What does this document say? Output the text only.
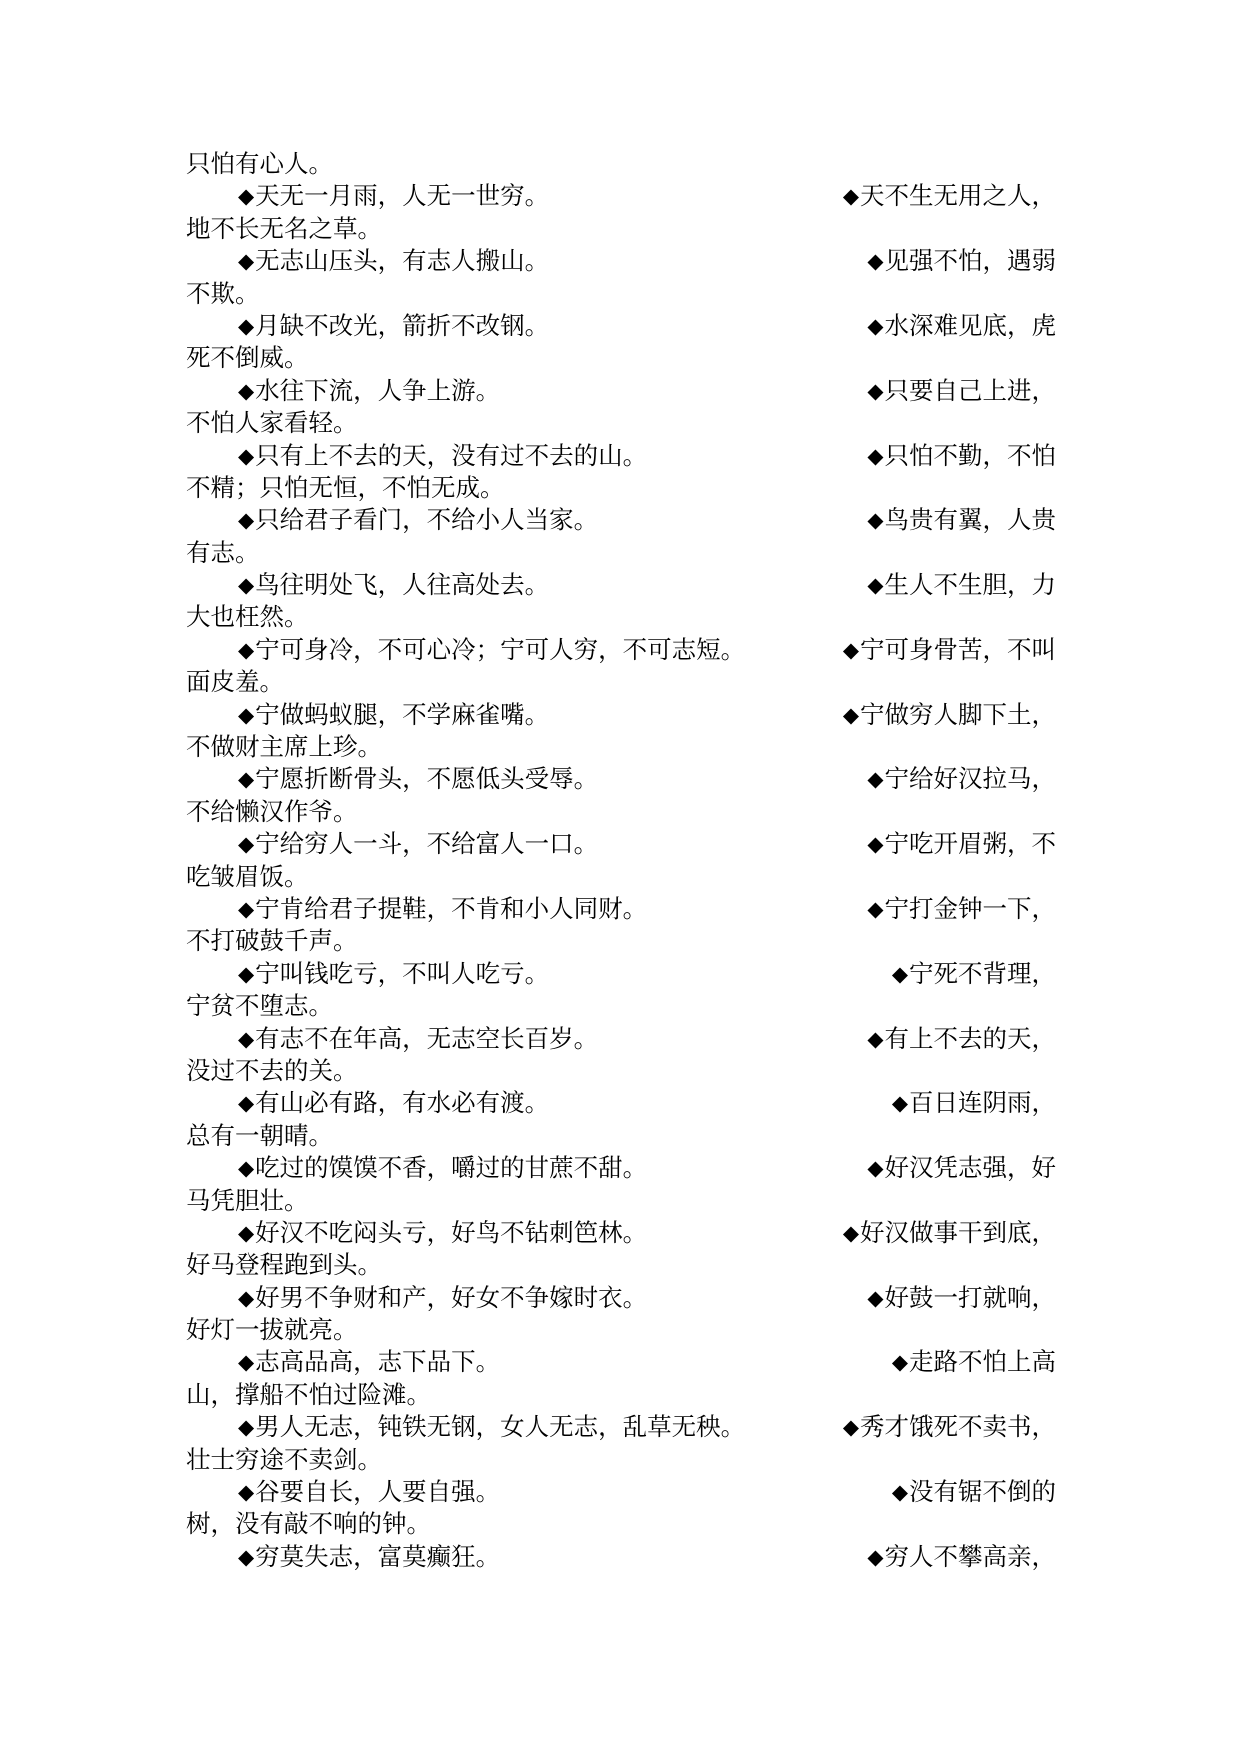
只怕有心人。
◆ 天无一月雨，人无一世穷。	◆ 天不生无用之人，
地不长无名之草。
◆ 无志山压头，有志人搬山。	◆ 见强不怕，遇弱
不欺。
◆ 月缺不改光，箭折不改钢。	◆ 水深难见底，虎
死不倒威。
◆ 水往下流，人争上游。	◆ 只要自己上进，
不怕人家看轻。
◆ 只有上不去的天，没有过不去的山。	◆ 只怕不勤，不怕
不精；只怕无恒，不怕无成。
◆ 只给君子看门，不给小人当家。	◆ 鸟贵有翼，人贵
有志。
◆ 鸟往明处飞，人往高处去。	◆ 生人不生胆，力
大也枉然。
◆ 宁可身冷，不可心冷；宁可人穷，不可志短。	◆ 宁可身骨苦，不叫
面皮羞。
◆ 宁做蚂蚁腿，不学麻雀嘴。	◆ 宁做穷人脚下土，
不做财主席上珍。
◆ 宁愿折断骨头，不愿低头受辱。	◆ 宁给好汉拉马，
不给懒汉作爷。
◆ 宁给穷人一斗，不给富人一口。	◆ 宁吃开眉粥，不
吃皱眉饭。
◆ 宁肯给君子提鞋，不肯和小人同财。	◆ 宁打金钟一下，
不打破鼓千声。
◆ 宁叫钱吃亏，不叫人吃亏。	◆ 宁死不背理，
宁贫不堕志。
◆ 有志不在年高，无志空长百岁。	◆ 有上不去的天，
没过不去的关。
◆ 有山必有路，有水必有渡。	◆ 百日连阴雨，
总有一朝晴。
◆ 吃过的馍馍不香，嚼过的甘蔗不甜。	◆ 好汉凭志强，好
马凭胆壮。
◆ 好汉不吃闷头亏，好鸟不钻刺笆林。	◆ 好汉做事干到底，
好马登程跑到头。
◆ 好男不争财和产，好女不争嫁时衣。	◆ 好鼓一打就响，
好灯一拔就亮。
◆ 志高品高，志下品下。	◆ 走路不怕上高
山，撑船不怕过险滩。
◆ 男人无志，钝铁无钢，女人无志，乱草无秧。	◆ 秀才饿死不卖书，
壮士穷途不卖剑。
◆ 谷要自长，人要自强。	◆ 没有锯不倒的
树，没有敲不响的钟。
◆ 穷莫失志，富莫癫狂。	◆ 穷人不攀高亲，
